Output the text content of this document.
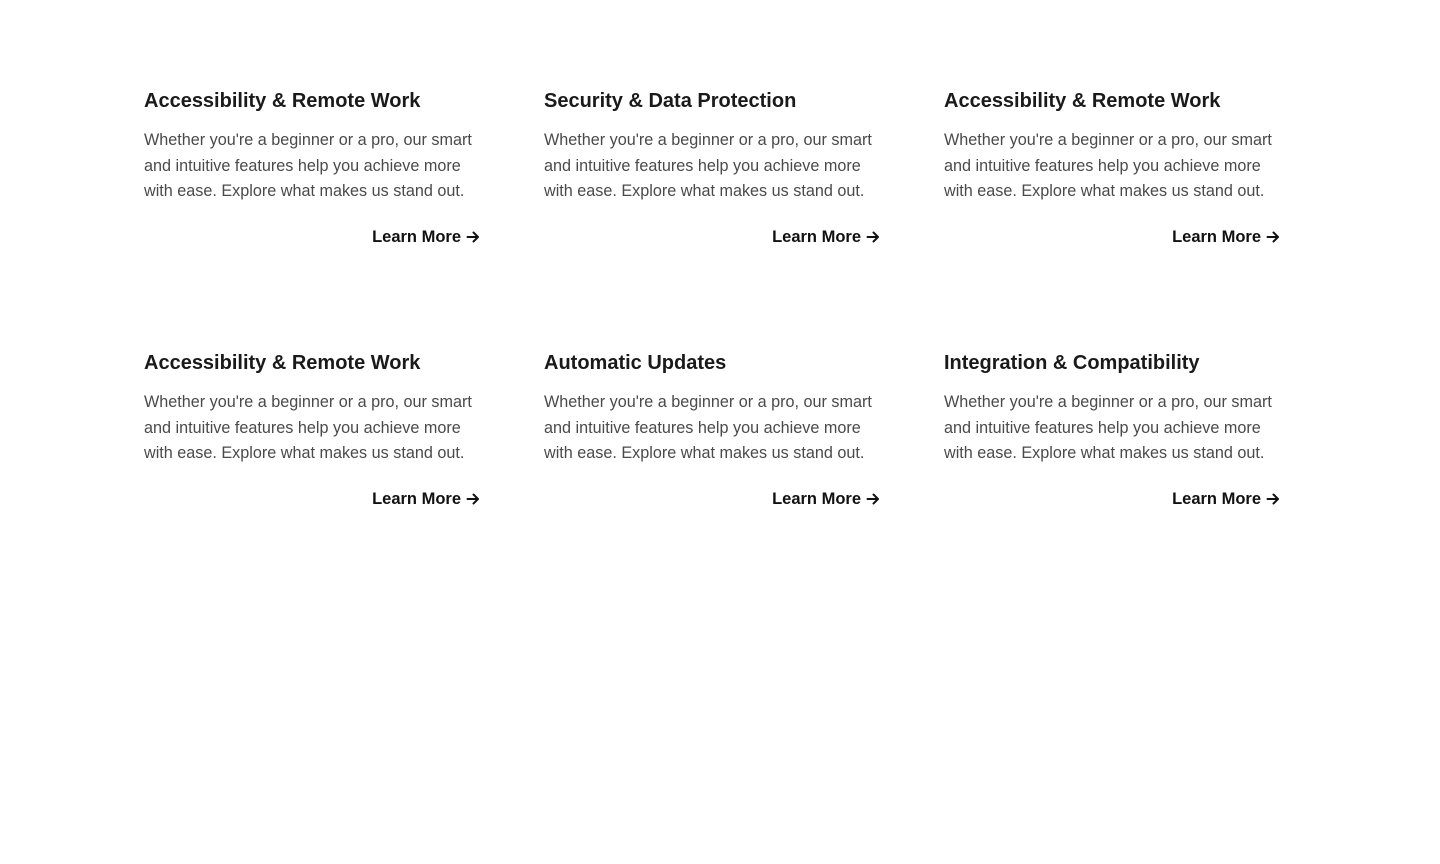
Accessibility & Remote Work

Whether you're a beginner or a pro, our smart and intuitive features help you achieve more with ease. Explore what makes us stand out.

Learn More
Security & Data Protection

Whether you're a beginner or a pro, our smart and intuitive features help you achieve more with ease. Explore what makes us stand out.

Learn More
Accessibility & Remote Work

Whether you're a beginner or a pro, our smart and intuitive features help you achieve more with ease. Explore what makes us stand out.

Learn More
Accessibility & Remote Work

Whether you're a beginner or a pro, our smart and intuitive features help you achieve more with ease. Explore what makes us stand out.

Learn More
Automatic Updates

Whether you're a beginner or a pro, our smart and intuitive features help you achieve more with ease. Explore what makes us stand out.

Learn More
Integration & Compatibility

Whether you're a beginner or a pro, our smart and intuitive features help you achieve more with ease. Explore what makes us stand out.

Learn More
